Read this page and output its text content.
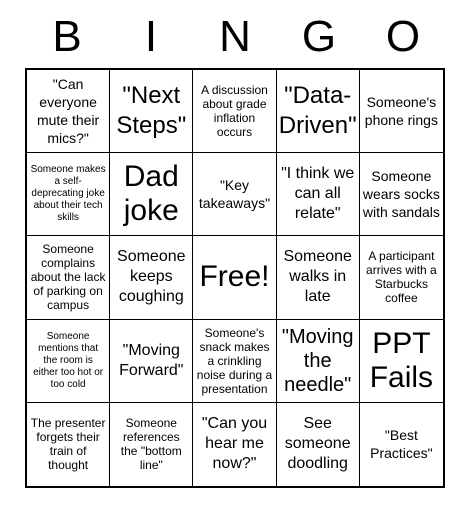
B	I	N	G	O
"Can everyone mute their mics?"
"Next Steps"
A discussion about grade inflation occurs
"Data-Driven"
Someone's phone rings
Someone makes a self-deprecating joke about their tech skills
Dad joke
"Key takeaways"
"I think we can all relate"
Someone wears socks with sandals
Someone complains about the lack of parking on campus
Someone keeps coughing
Free!
Someone walks in late
A participant arrives with a Starbucks coffee
Someone mentions that the room is either too hot or too cold
"Moving Forward"
Someone's snack makes a crinkling noise during a presentation
"Moving the needle"
PPT Fails
The presenter forgets their train of thought
Someone references the "bottom line"
"Can you hear me now?"
See someone doodling
"Best Practices"
